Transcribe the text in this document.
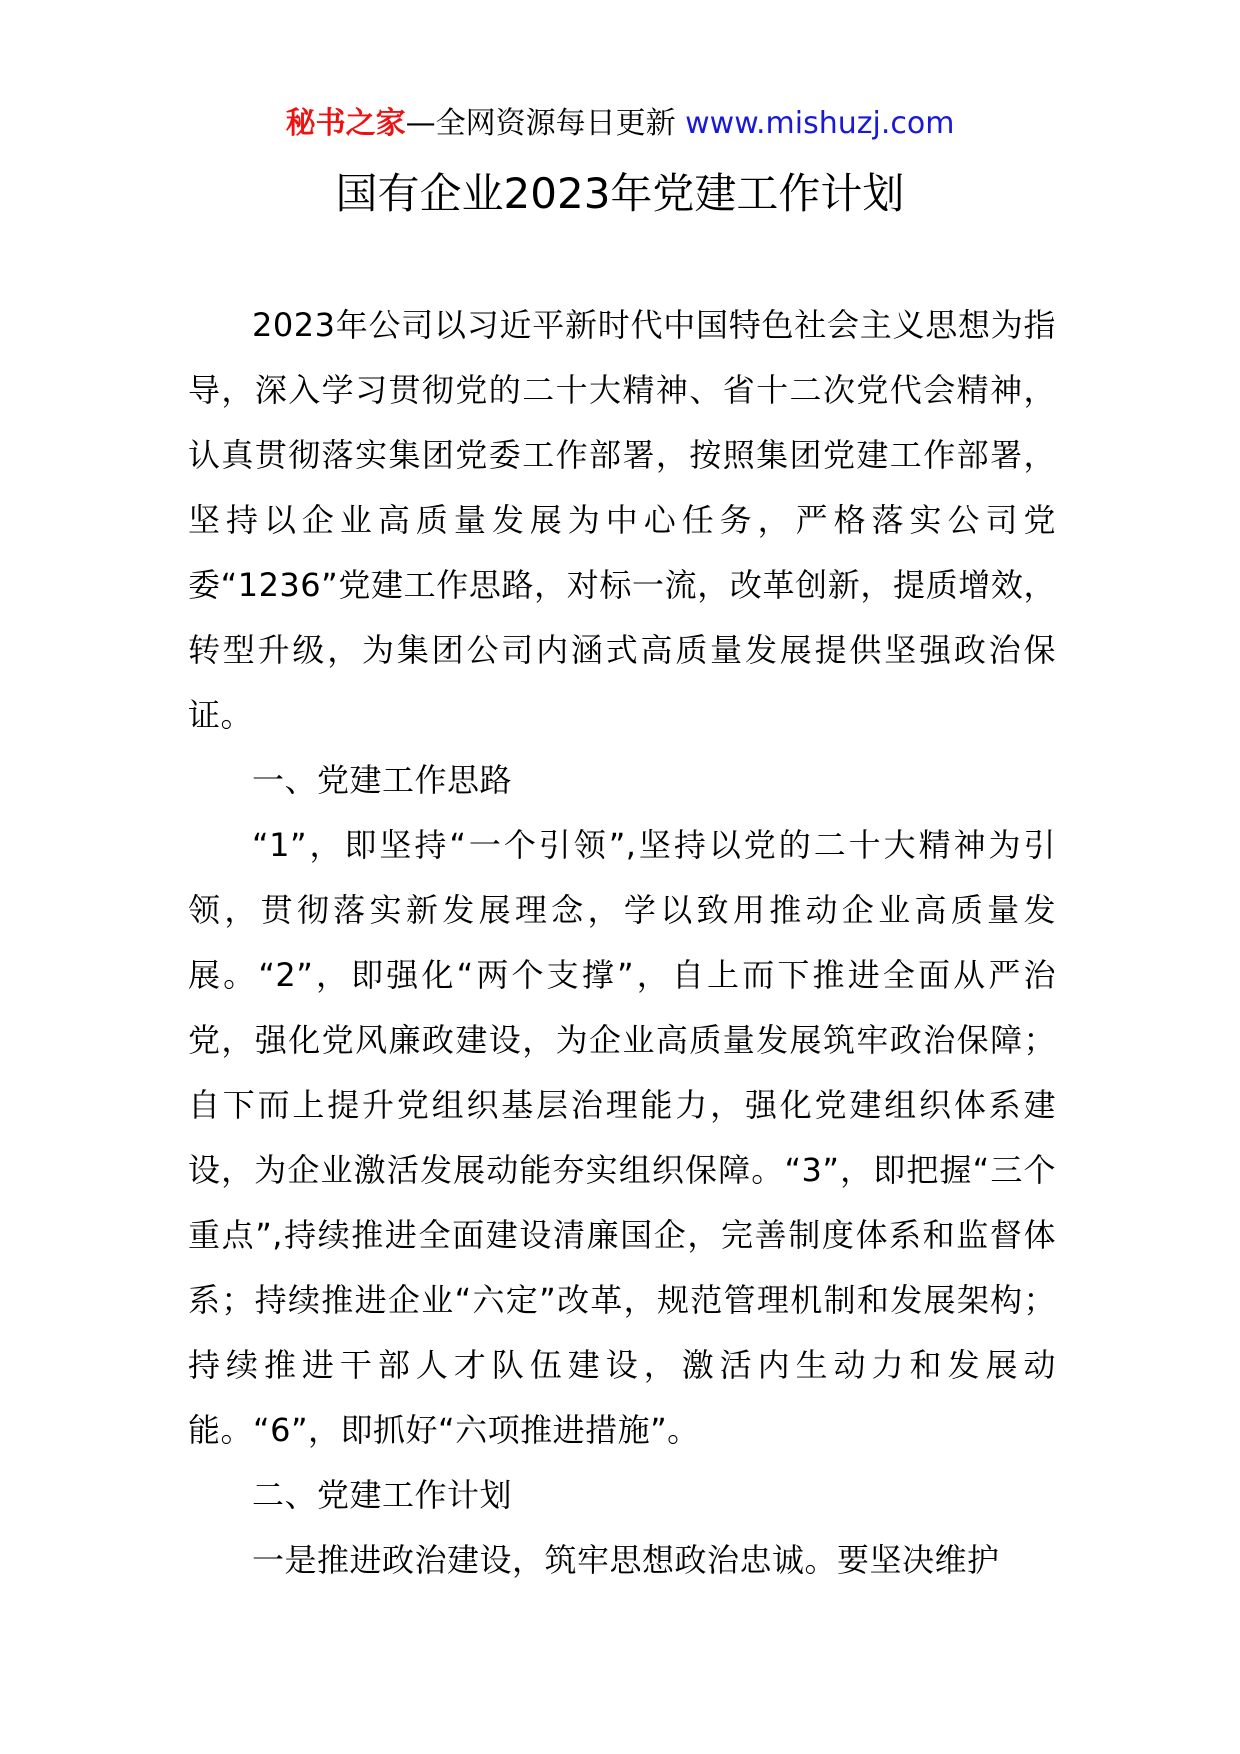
秘书之家—全网资源每日更新 www.mishuzj.com
国有企业2023年党建工作计划

2023年公司以习近平新时代中国特色社会主义思想为指导，深入学习贯彻党的二十大精神、省十二次党代会精神，认真贯彻落实集团党委工作部署，按照集团党建工作部署，坚持以企业高质量发展为中心任务，严格落实公司党委“1236”党建工作思路，对标一流，改革创新，提质增效，转型升级，为集团公司内涵式高质量发展提供坚强政治保证。

一、党建工作思路

“1”，即坚持“一个引领”,坚持以党的二十大精神为引领，贯彻落实新发展理念，学以致用推动企业高质量发展。“2”，即强化“两个支撑”，自上而下推进全面从严治党，强化党风廉政建设，为企业高质量发展筑牢政治保障；自下而上提升党组织基层治理能力，强化党建组织体系建设，为企业激活发展动能夯实组织保障。“3”，即把握“三个重点”,持续推进全面建设清廉国企，完善制度体系和监督体系；持续推进企业“六定”改革，规范管理机制和发展架构；持续推进干部人才队伍建设，激活内生动力和发展动能。“6”，即抓好“六项推进措施”。

二、党建工作计划

一是推进政治建设，筑牢思想政治忠诚。要坚决维护
